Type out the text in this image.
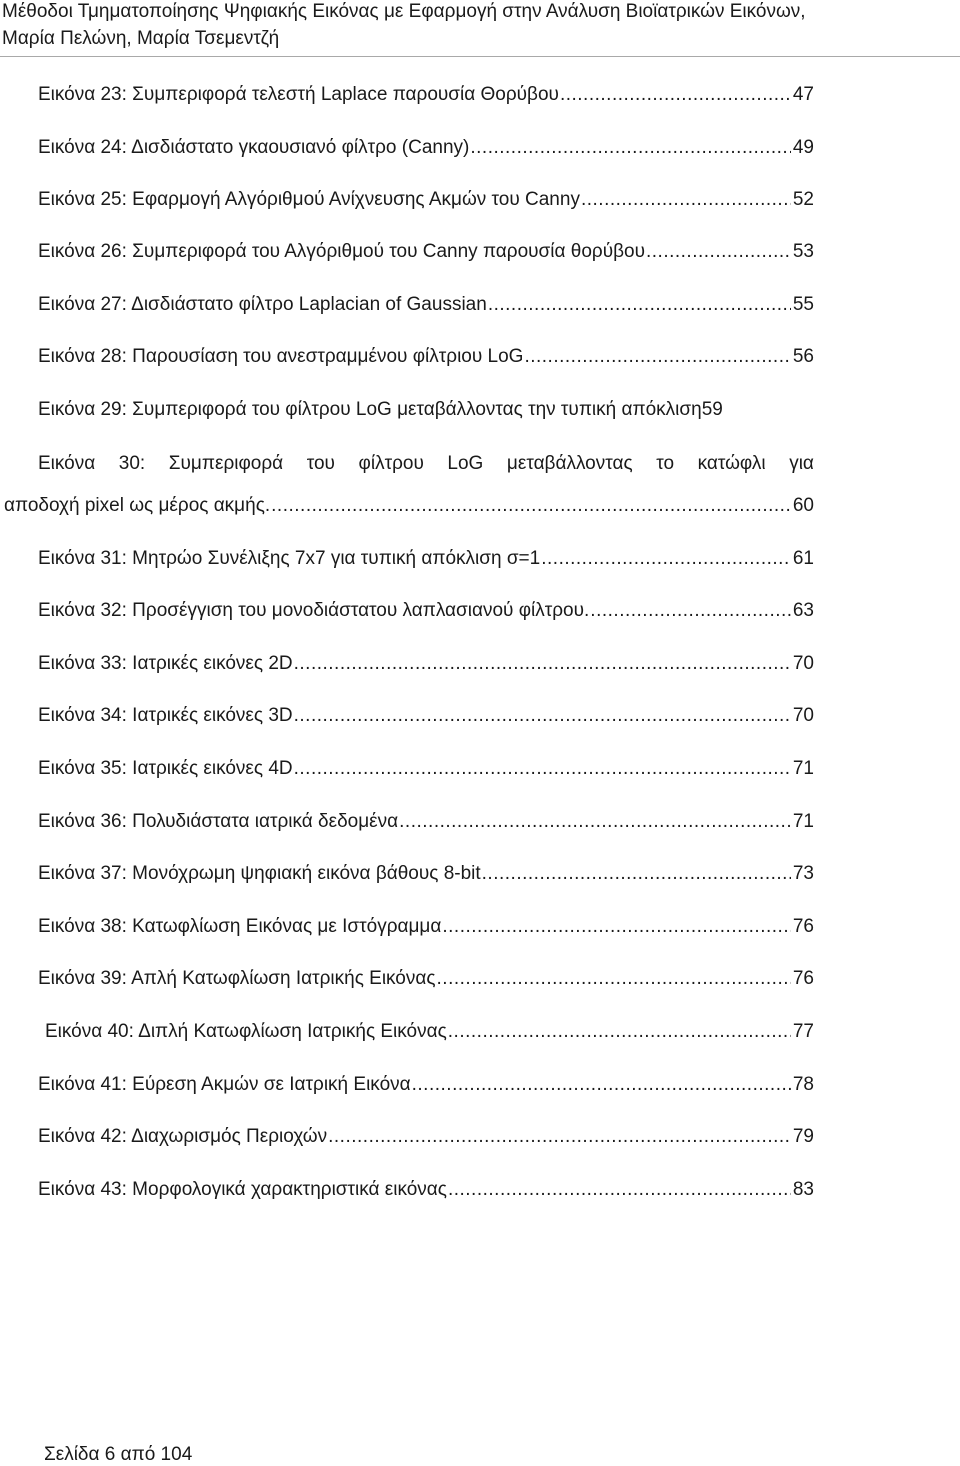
Μέθοδοι Τμηματοποίησης Ψηφιακής Εικόνας με Εφαρμογή στην Ανάλυση Βιοϊατρικών Εικόνων,
Μαρία Πελώνη, Μαρία Τσεμεντζή
Εικόνα 23: Συμπεριφορά τελεστή Laplace παρουσία Θορύβου .....	47
Εικόνα 24: Δισδιάστατο γκαουσιανό φίλτρο (Canny) .....	49
Εικόνα 25: Εφαρμογή Αλγόριθμού Ανίχνευσης Ακμών του Canny .....	52
Εικόνα 26: Συμπεριφορά του Αλγόριθμού του Canny παρουσία θορύβου .....	53
Εικόνα 27: Δισδιάστατο φίλτρο Laplacian of Gaussian .....	55
Εικόνα 28: Παρουσίαση του ανεστραμμένου φίλτριου LoG .....	56
Εικόνα 29: Συμπεριφορά του φίλτρου LoG μεταβάλλοντας την τυπική απόκλιση 59
Εικόνα 30: Συμπεριφορά του φίλτρου LoG μεταβάλλοντας το κατώφλι για
αποδοχή pixel ως μέρος ακμής. .....	60
Εικόνα 31: Μητρώο Συνέλιξης 7x7 για τυπική απόκλιση σ=1 .....	61
Εικόνα 32: Προσέγγιση του μονοδιάστατου λαπλασιανού φίλτρου. .....	63
Εικόνα 33: Ιατρικές εικόνες 2D .....	70
Εικόνα 34: Ιατρικές εικόνες 3D .....	70
Εικόνα 35: Ιατρικές εικόνες 4D .....	71
Εικόνα 36: Πολυδιάστατα ιατρικά δεδομένα .....	71
Εικόνα 37: Μονόχρωμη ψηφιακή εικόνα βάθους 8-bit .....	73
Εικόνα 38: Κατωφλίωση Εικόνας με Ιστόγραμμα .....	76
Εικόνα 39: Απλή Κατωφλίωση Ιατρικής Εικόνας .....	76
Εικόνα 40: Διπλή Κατωφλίωση Ιατρικής Εικόνας .....	77
Εικόνα 41: Εύρεση Ακμών σε Ιατρική Εικόνα .....	78
Εικόνα 42: Διαχωρισμός Περιοχών .....	79
Εικόνα 43: Μορφολογικά χαρακτηριστικά εικόνας .....	83
Σελίδα 6 από 104
